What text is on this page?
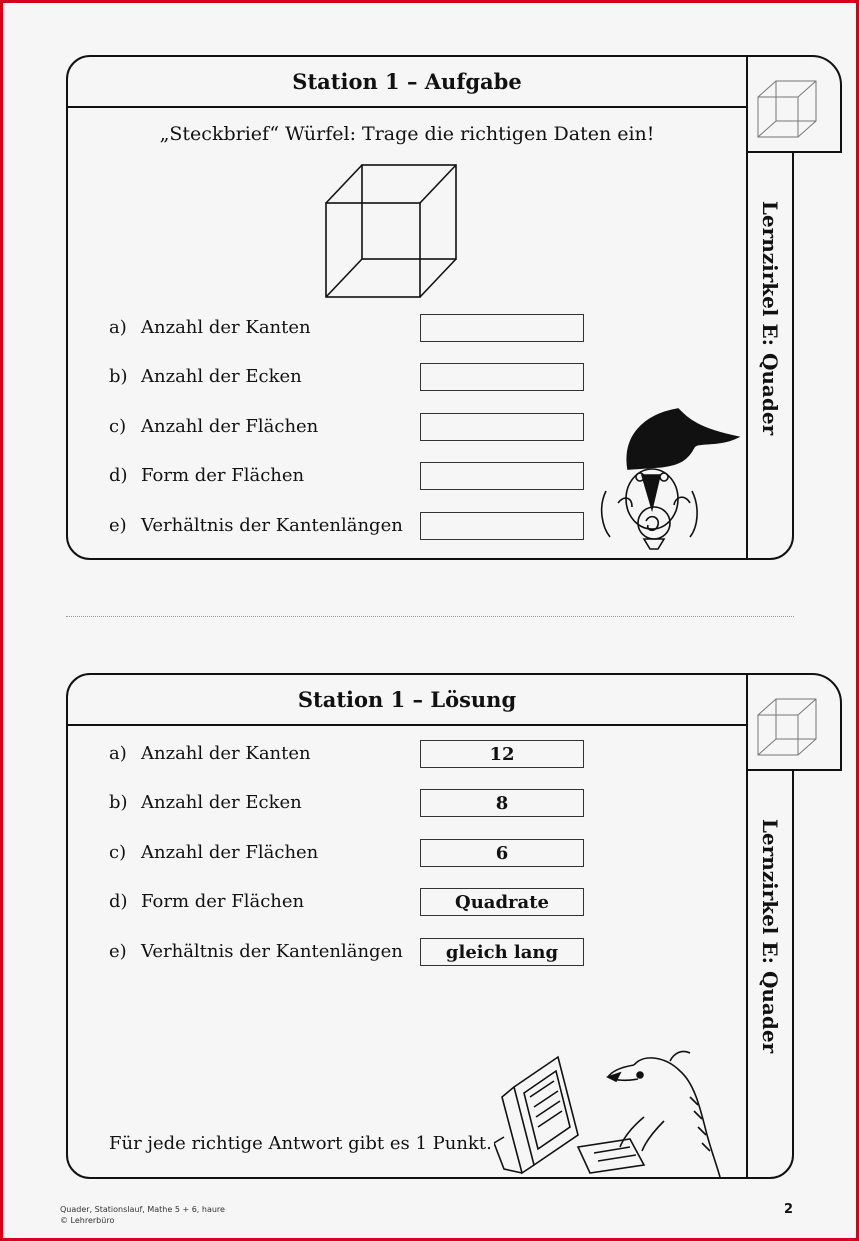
Station 1 – Aufgabe
Lernzirkel E: Quader
„Steckbrief“ Würfel: Trage die richtigen Daten ein!
a) Anzahl der Kanten
b) Anzahl der Ecken
c) Anzahl der Flächen
d) Form der Flächen
e) Verhältnis der Kantenlängen
Station 1 – Lösung
Lernzirkel E: Quader
a) Anzahl der Kanten	12
b) Anzahl der Ecken	8
c) Anzahl der Flächen	6
d) Form der Flächen	Quadrate
e) Verhältnis der Kantenlängen	gleich lang
Für jede richtige Antwort gibt es 1 Punkt.
Quader, Stationslauf, Mathe 5 + 6, haure
© Lehrerbüro
2
